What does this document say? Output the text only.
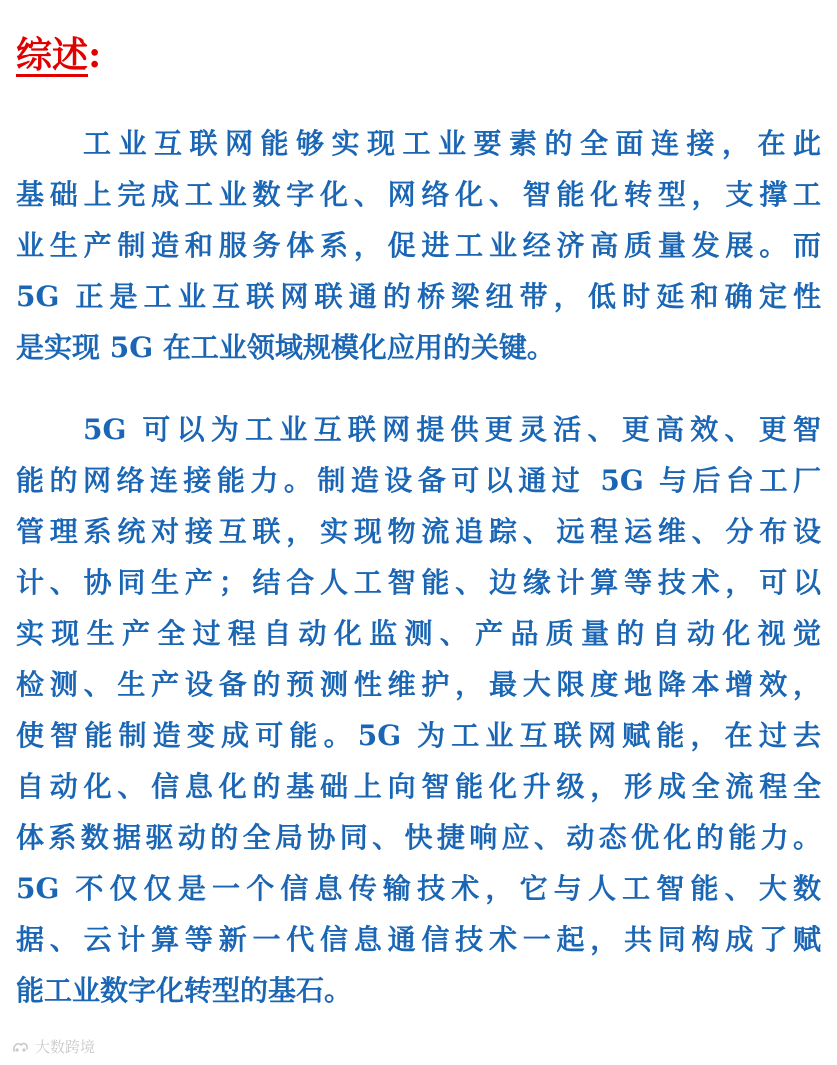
综述:
工业互联网能够实现工业要素的全面连接，在此
基础上完成工业数字化、网络化、智能化转型，支撑工
业生产制造和服务体系，促进工业经济高质量发展。而
5G 正是工业互联网联通的桥梁纽带，低时延和确定性
是实现 5G 在工业领域规模化应用的关键。
5G 可以为工业互联网提供更灵活、更高效、更智
能的网络连接能力。制造设备可以通过 5G 与后台工厂
管理系统对接互联，实现物流追踪、远程运维、分布设
计、协同生产；结合人工智能、边缘计算等技术，可以
实现生产全过程自动化监测、产品质量的自动化视觉
检测、生产设备的预测性维护，最大限度地降本增效，
使智能制造变成可能。5G 为工业互联网赋能，在过去
自动化、信息化的基础上向智能化升级，形成全流程全
体系数据驱动的全局协同、快捷响应、动态优化的能力。
5G 不仅仅是一个信息传输技术，它与人工智能、大数
据、云计算等新一代信息通信技术一起，共同构成了赋
能工业数字化转型的基石。
大数跨境
